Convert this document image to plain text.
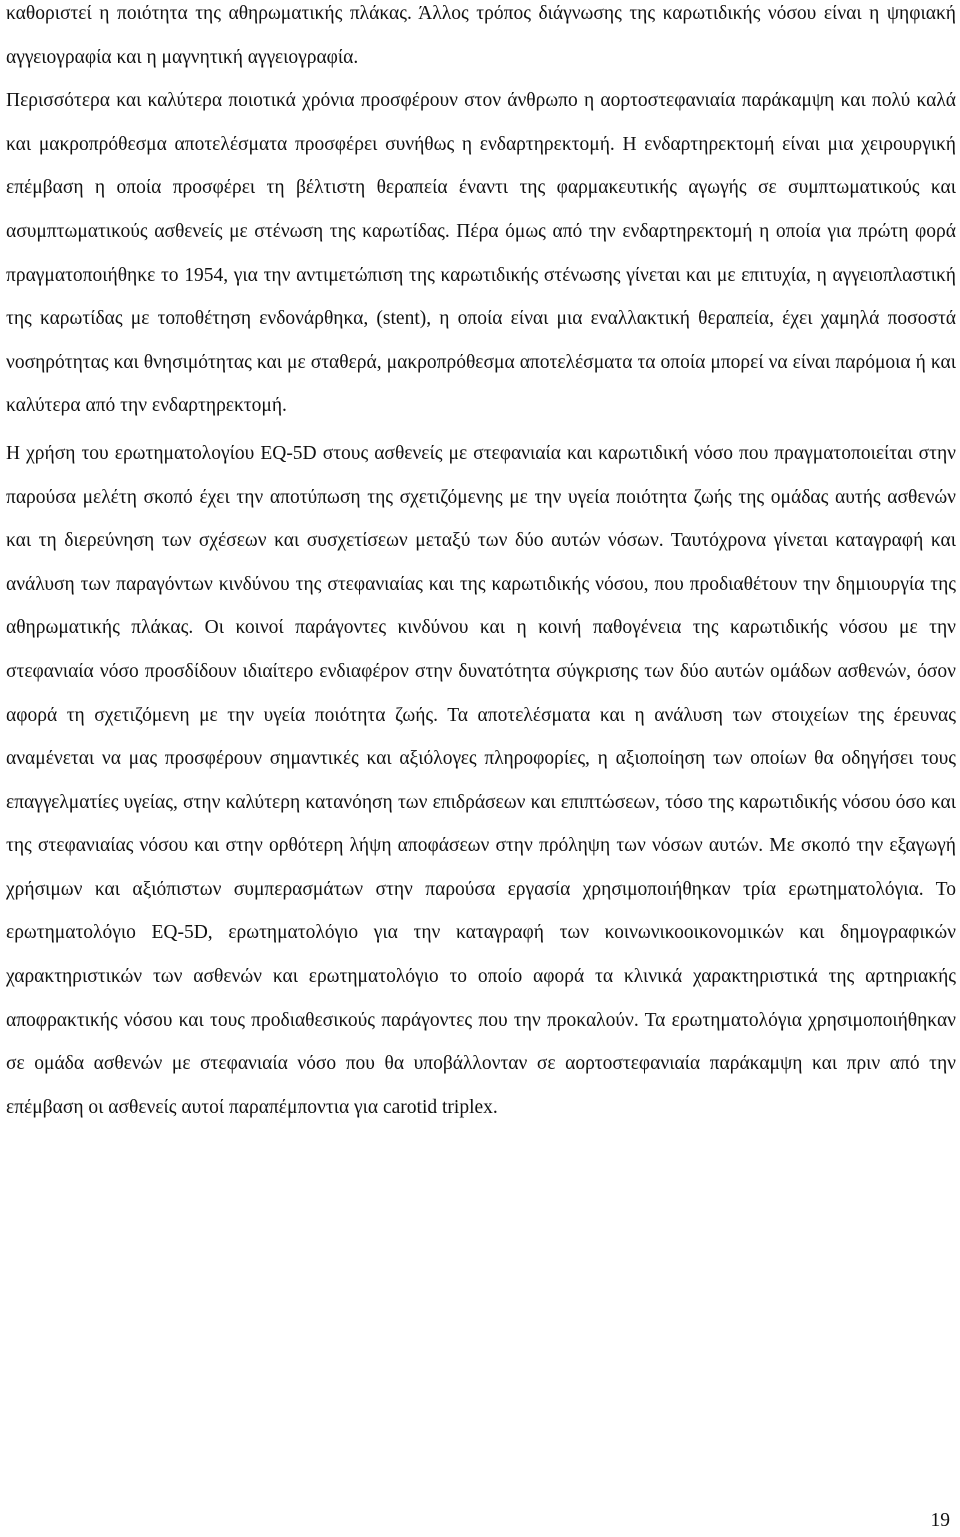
καθοριστεί η ποιότητα της αθηρωματικής πλάκας. Άλλος τρόπος διάγνωσης της καρωτιδικής νόσου είναι η ψηφιακή αγγειογραφία και η μαγνητική αγγειογραφία.

Περισσότερα και καλύτερα ποιοτικά χρόνια προσφέρουν στον άνθρωπο η αορτοστεφανιαία παράκαμψη και πολύ καλά και μακροπρόθεσμα αποτελέσματα προσφέρει συνήθως η ενδαρτηρεκτομή. Η ενδαρτηρεκτομή είναι μια χειρουργική επέμβαση η οποία προσφέρει τη βέλτιστη θεραπεία έναντι της φαρμακευτικής αγωγής σε συμπτωματικούς και ασυμπτωματικούς ασθενείς με στένωση της καρωτίδας. Πέρα όμως από την ενδαρτηρεκτομή η οποία για πρώτη φορά πραγματοποιήθηκε το 1954, για την αντιμετώπιση της καρωτιδικής στένωσης γίνεται και με επιτυχία, η αγγειοπλαστική της καρωτίδας με τοποθέτηση ενδονάρθηκα, (stent), η οποία είναι μια εναλλακτική θεραπεία, έχει χαμηλά ποσοστά νοσηρότητας και θνησιμότητας και με σταθερά, μακροπρόθεσμα αποτελέσματα τα οποία μπορεί να είναι παρόμοια ή και καλύτερα από την ενδαρτηρεκτομή.

Η χρήση του ερωτηματολογίου EQ-5D στους ασθενείς με στεφανιαία και καρωτιδική νόσο που πραγματοποιείται στην παρούσα μελέτη σκοπό έχει την αποτύπωση της σχετιζόμενης με την υγεία ποιότητα ζωής της ομάδας αυτής ασθενών και τη διερεύνηση των σχέσεων και συσχετίσεων μεταξύ των δύο αυτών νόσων. Ταυτόχρονα γίνεται καταγραφή και ανάλυση των παραγόντων κινδύνου της στεφανιαίας και της καρωτιδικής νόσου, που προδιαθέτουν την δημιουργία της αθηρωματικής πλάκας. Οι κοινοί παράγοντες κινδύνου και η κοινή παθογένεια της καρωτιδικής νόσου με την στεφανιαία νόσο προσδίδουν ιδιαίτερο ενδιαφέρον στην δυνατότητα σύγκρισης των δύο αυτών ομάδων ασθενών, όσον αφορά τη σχετιζόμενη με την υγεία ποιότητα ζωής. Τα αποτελέσματα και η ανάλυση των στοιχείων της έρευνας αναμένεται να μας προσφέρουν σημαντικές και αξιόλογες πληροφορίες, η αξιοποίηση των οποίων θα οδηγήσει τους επαγγελματίες υγείας, στην καλύτερη κατανόηση των επιδράσεων και επιπτώσεων, τόσο της καρωτιδικής νόσου όσο και της στεφανιαίας νόσου και στην ορθότερη λήψη αποφάσεων στην πρόληψη των νόσων αυτών. Με σκοπό την εξαγωγή χρήσιμων και αξιόπιστων συμπερασμάτων στην παρούσα εργασία χρησιμοποιήθηκαν τρία ερωτηματολόγια. Το ερωτηματολόγιο EQ-5D, ερωτηματολόγιο για την καταγραφή των κοινωνικοοικονομικών και δημογραφικών χαρακτηριστικών των ασθενών και ερωτηματολόγιο το οποίο αφορά τα κλινικά χαρακτηριστικά της αρτηριακής αποφρακτικής νόσου και τους προδιαθεσικούς παράγοντες που την προκαλούν. Τα ερωτηματολόγια χρησιμοποιήθηκαν σε ομάδα ασθενών με στεφανιαία νόσο που θα υποβάλλονταν σε αορτοστεφανιαία παράκαμψη και πριν από την επέμβαση οι ασθενείς αυτοί παραπέμποντια για carotid triplex.

19
